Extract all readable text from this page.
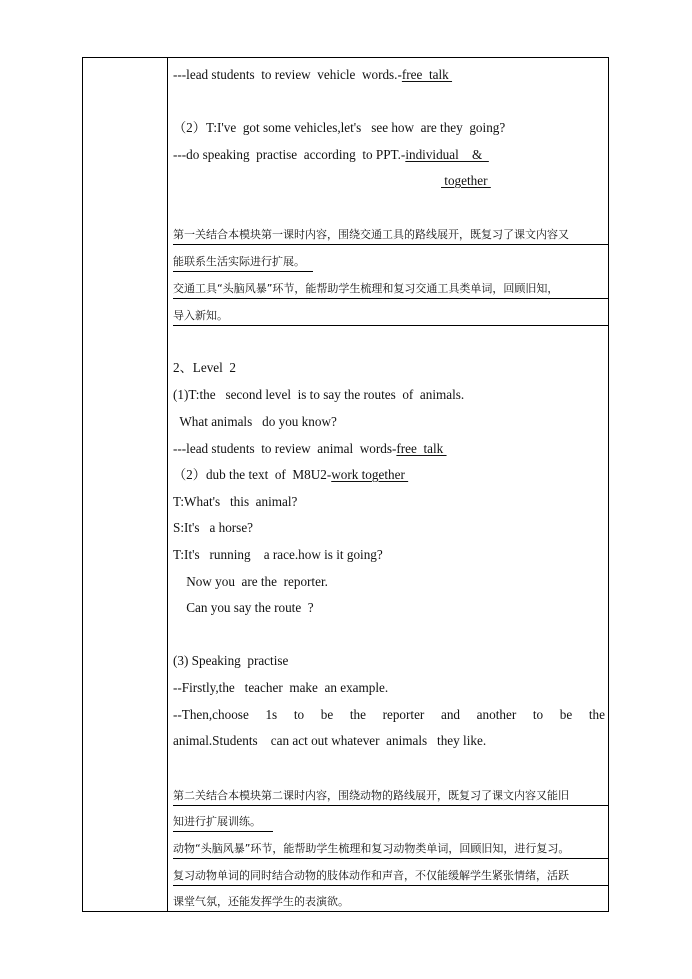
---lead students  to review  vehicle  words.-free  talk
（2）T:I've  got some vehicles,let's   see how  are they  going?
---do speaking  practise  according  to PPT.-individual    &
together
第一关结合本模块第一课时内容，围绕交通工具的路线展开，既复习了课文内容又
能联系生活实际进行扩展。
交通工具“头脑风暴”环节，能帮助学生梳理和复习交通工具类单词，回顾旧知，
导入新知。
2、Level  2
(1)T:the   second level  is to say the routes  of  animals.
What animals   do you know?
---lead students  to review  animal  words-free  talk
（2）dub the text  of  M8U2-work together
T:What's   this  animal?
S:It's   a horse?
T:It's   running    a race.how is it going?
Now you  are the  reporter.
Can you say the route  ?
(3) Speaking  practise
--Firstly,the   teacher  make  an example.
--Then,choose 1s to be the reporter and another to be the
animal.Students    can act out whatever  animals   they like.
第二关结合本模块第二课时内容，围绕动物的路线展开，既复习了课文内容又能旧
知进行扩展训练。
动物“头脑风暴”环节，能帮助学生梳理和复习动物类单词，回顾旧知，进行复习。
复习动物单词的同时结合动物的肢体动作和声音，不仅能缓解学生紧张情绪，活跃
课堂气氛，还能发挥学生的表演欲。
